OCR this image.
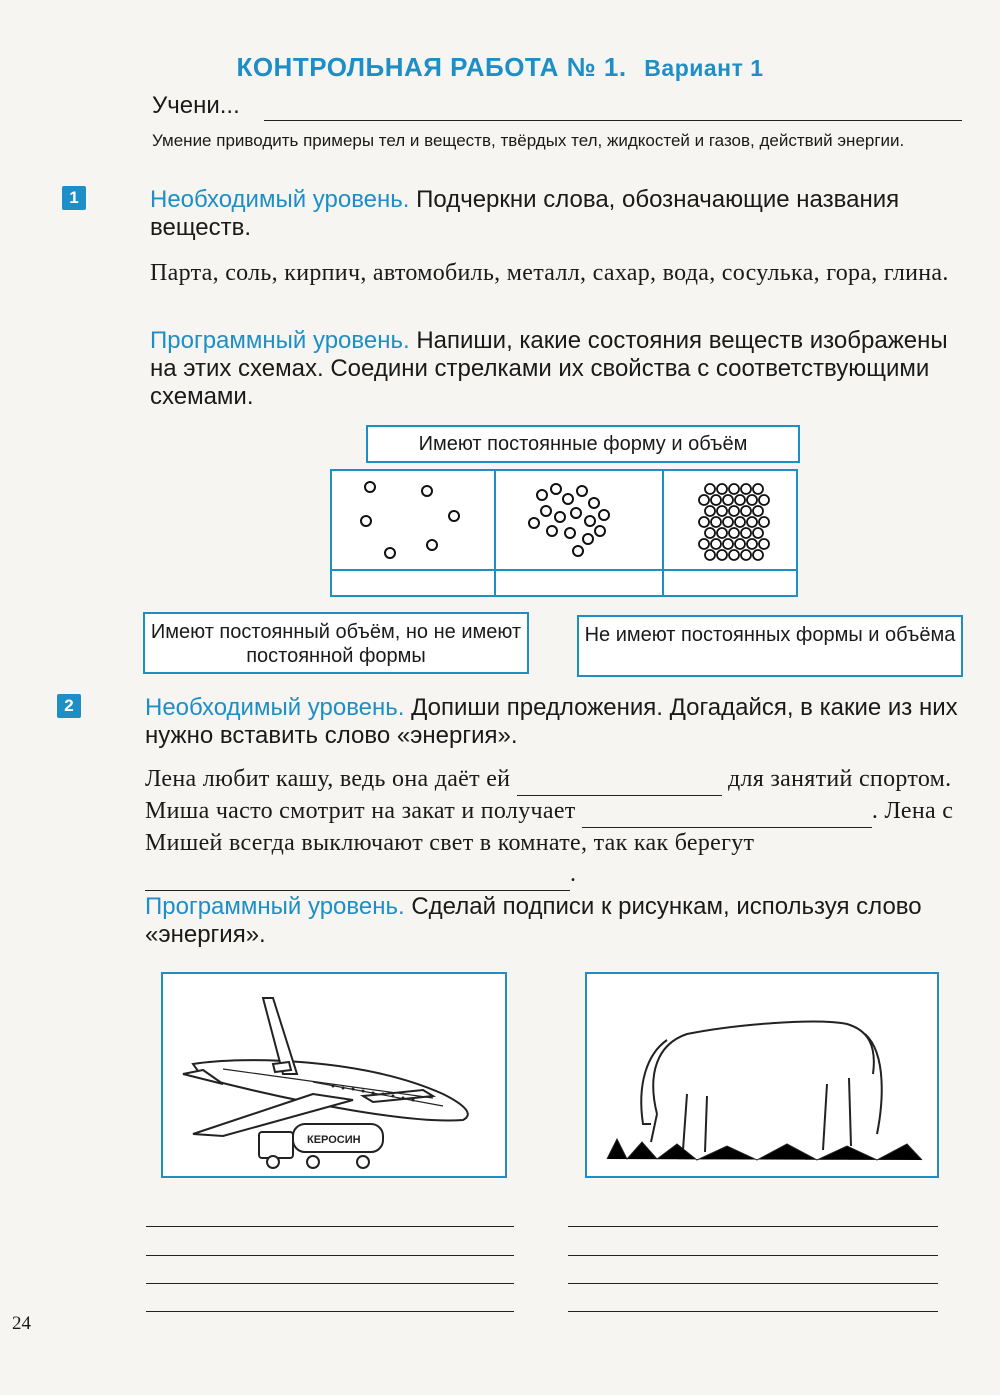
КОНТРОЛЬНАЯ РАБОТА № 1. Вариант 1
Учени...
Умение приводить примеры тел и веществ, твёрдых тел, жидкостей и газов, действий энергии.
1	Необходимый уровень. Подчеркни слова, обозначающие названия веществ.
Парта, соль, кирпич, автомобиль, металл, сахар, вода, сосулька, гора, глина.
Программный уровень. Напиши, какие состояния веществ изображены на этих схемах. Соедини стрелками их свойства с соответствующими схемами.
Имеют постоянные форму и объём
Имеют постоянный объём, но не имеют постоянной формы
Не имеют постоянных формы и объёма
2	Необходимый уровень. Допиши предложения. Догадайся, в какие из них нужно вставить слово «энергия».
Лена любит кашу, ведь она даёт ей	для занятий спортом. Миша часто смотрит на закат и получает	. Лена с Мишей всегда выключают свет в комнате, так как берегут  .
Программный уровень. Сделай подписи к рисункам, используя слово «энергия».
КЕРОСИН
24
